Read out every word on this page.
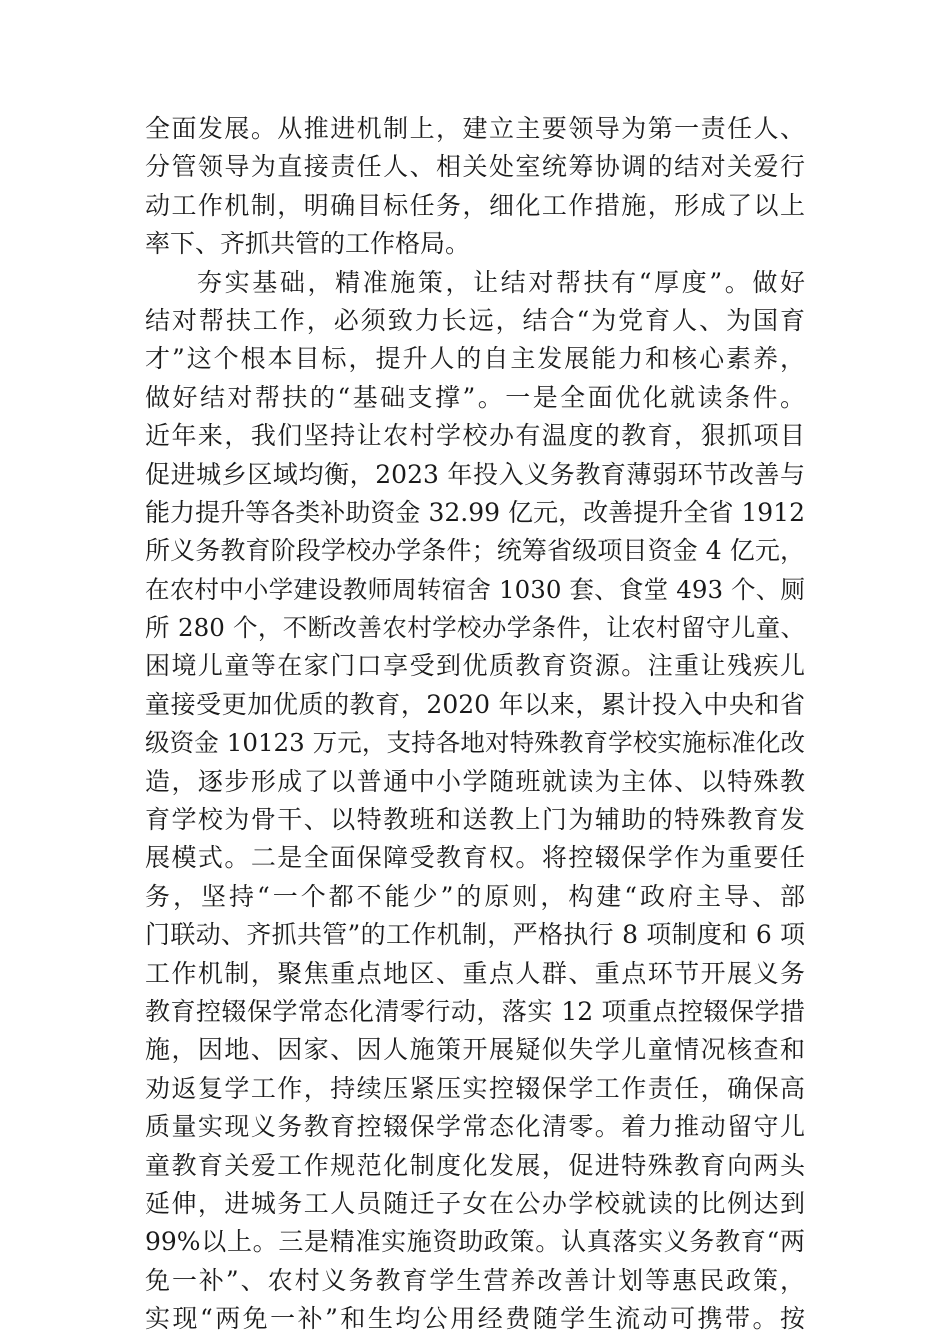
全面发展。从推进机制上，建立主要领导为第一责任人、
分管领导为直接责任人、相关处室统筹协调的结对关爱行
动工作机制，明确目标任务，细化工作措施，形成了以上
率下、齐抓共管的工作格局。
夯实基础，精准施策，让结对帮扶有“厚度”。做好
结对帮扶工作，必须致力长远，结合“为党育人、为国育
才”这个根本目标，提升人的自主发展能力和核心素养，
做好结对帮扶的“基础支撑”。一是全面优化就读条件。
近年来，我们坚持让农村学校办有温度的教育，狠抓项目
促进城乡区域均衡，2023 年投入义务教育薄弱环节改善与
能力提升等各类补助资金 32.99 亿元，改善提升全省 1912
所义务教育阶段学校办学条件；统筹省级项目资金 4 亿元，
在农村中小学建设教师周转宿舍 1030 套、食堂 493 个、厕
所 280 个，不断改善农村学校办学条件，让农村留守儿童、
困境儿童等在家门口享受到优质教育资源。注重让残疾儿
童接受更加优质的教育，2020 年以来，累计投入中央和省
级资金 10123 万元，支持各地对特殊教育学校实施标准化改
造，逐步形成了以普通中小学随班就读为主体、以特殊教
育学校为骨干、以特教班和送教上门为辅助的特殊教育发
展模式。二是全面保障受教育权。将控辍保学作为重要任
务，坚持“一个都不能少”的原则，构建“政府主导、部
门联动、齐抓共管”的工作机制，严格执行 8 项制度和 6 项
工作机制，聚焦重点地区、重点人群、重点环节开展义务
教育控辍保学常态化清零行动，落实 12 项重点控辍保学措
施，因地、因家、因人施策开展疑似失学儿童情况核查和
劝返复学工作，持续压紧压实控辍保学工作责任，确保高
质量实现义务教育控辍保学常态化清零。着力推动留守儿
童教育关爱工作规范化制度化发展，促进特殊教育向两头
延伸，进城务工人员随迁子女在公办学校就读的比例达到
99%以上。三是精准实施资助政策。认真落实义务教育“两
免一补”、农村义务教育学生营养改善计划等惠民政策，
实现“两免一补”和生均公用经费随学生流动可携带。按
